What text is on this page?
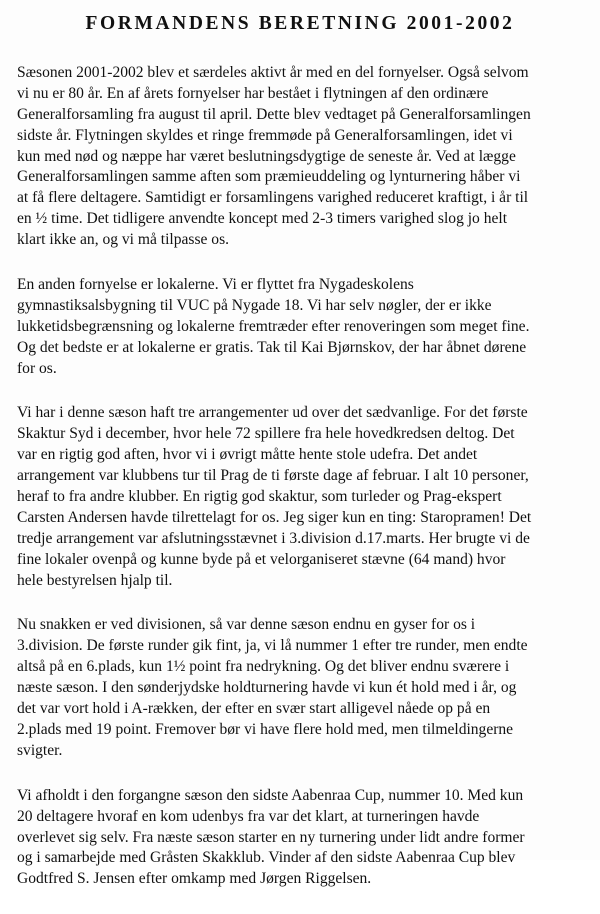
FORMANDENS BERETNING 2001-2002
Sæsonen 2001-2002 blev et særdeles aktivt år med en del fornyelser. Også selvom
vi nu er 80 år. En af årets fornyelser har bestået i flytningen af den ordinære
Generalforsamling fra august til april. Dette blev vedtaget på Generalforsamlingen
sidste år. Flytningen skyldes et ringe fremmøde på Generalforsamlingen, idet vi
kun med nød og næppe har været beslutningsdygtige de seneste år. Ved at lægge
Generalforsamlingen samme aften som præmieuddeling og lynturnering håber vi
at få flere deltagere. Samtidigt er forsamlingens varighed reduceret kraftigt, i år til
en ½ time. Det tidligere anvendte koncept med 2-3 timers varighed slog jo helt
klart ikke an, og vi må tilpasse os.
En anden fornyelse er lokalerne. Vi er flyttet fra Nygadeskolens
gymnastiksalsbygning til VUC på Nygade 18. Vi har selv nøgler, der er ikke
lukketidsbegrænsning og lokalerne fremtræder efter renoveringen som meget fine.
Og det bedste er at lokalerne er gratis. Tak til Kai Bjørnskov, der har åbnet dørene
for os.
Vi har i denne sæson haft tre arrangementer ud over det sædvanlige. For det første
Skaktur Syd i december, hvor hele 72 spillere fra hele hovedkredsen deltog. Det
var en rigtig god aften, hvor vi i øvrigt måtte hente stole udefra. Det andet
arrangement var klubbens tur til Prag de ti første dage af februar. I alt 10 personer,
heraf to fra andre klubber. En rigtig god skaktur, som turleder og Prag-ekspert
Carsten Andersen havde tilrettelagt for os. Jeg siger kun en ting: Staropramen! Det
tredje arrangement var afslutningsstævnet i 3.division d.17.marts. Her brugte vi de
fine lokaler ovenpå og kunne byde på et velorganiseret stævne (64 mand) hvor
hele bestyrelsen hjalp til.
Nu snakken er ved divisionen, så var denne sæson endnu en gyser for os i
3.division. De første runder gik fint, ja, vi lå nummer 1 efter tre runder, men endte
altså på en 6.plads, kun 1½ point fra nedrykning. Og det bliver endnu sværere i
næste sæson. I den sønderjydske holdturnering havde vi kun ét hold med i år, og
det var vort hold i A-rækken, der efter en svær start alligevel nåede op på en
2.plads med 19 point. Fremover bør vi have flere hold med, men tilmeldingerne
svigter.
Vi afholdt i den forgangne sæson den sidste Aabenraa Cup, nummer 10. Med kun
20 deltagere hvoraf en kom udenbys fra var det klart, at turneringen havde
overlevet sig selv. Fra næste sæson starter en ny turnering under lidt andre former
og i samarbejde med Gråsten Skakklub. Vinder af den sidste Aabenraa Cup blev
Godtfred S. Jensen efter omkamp med Jørgen Riggelsen.
